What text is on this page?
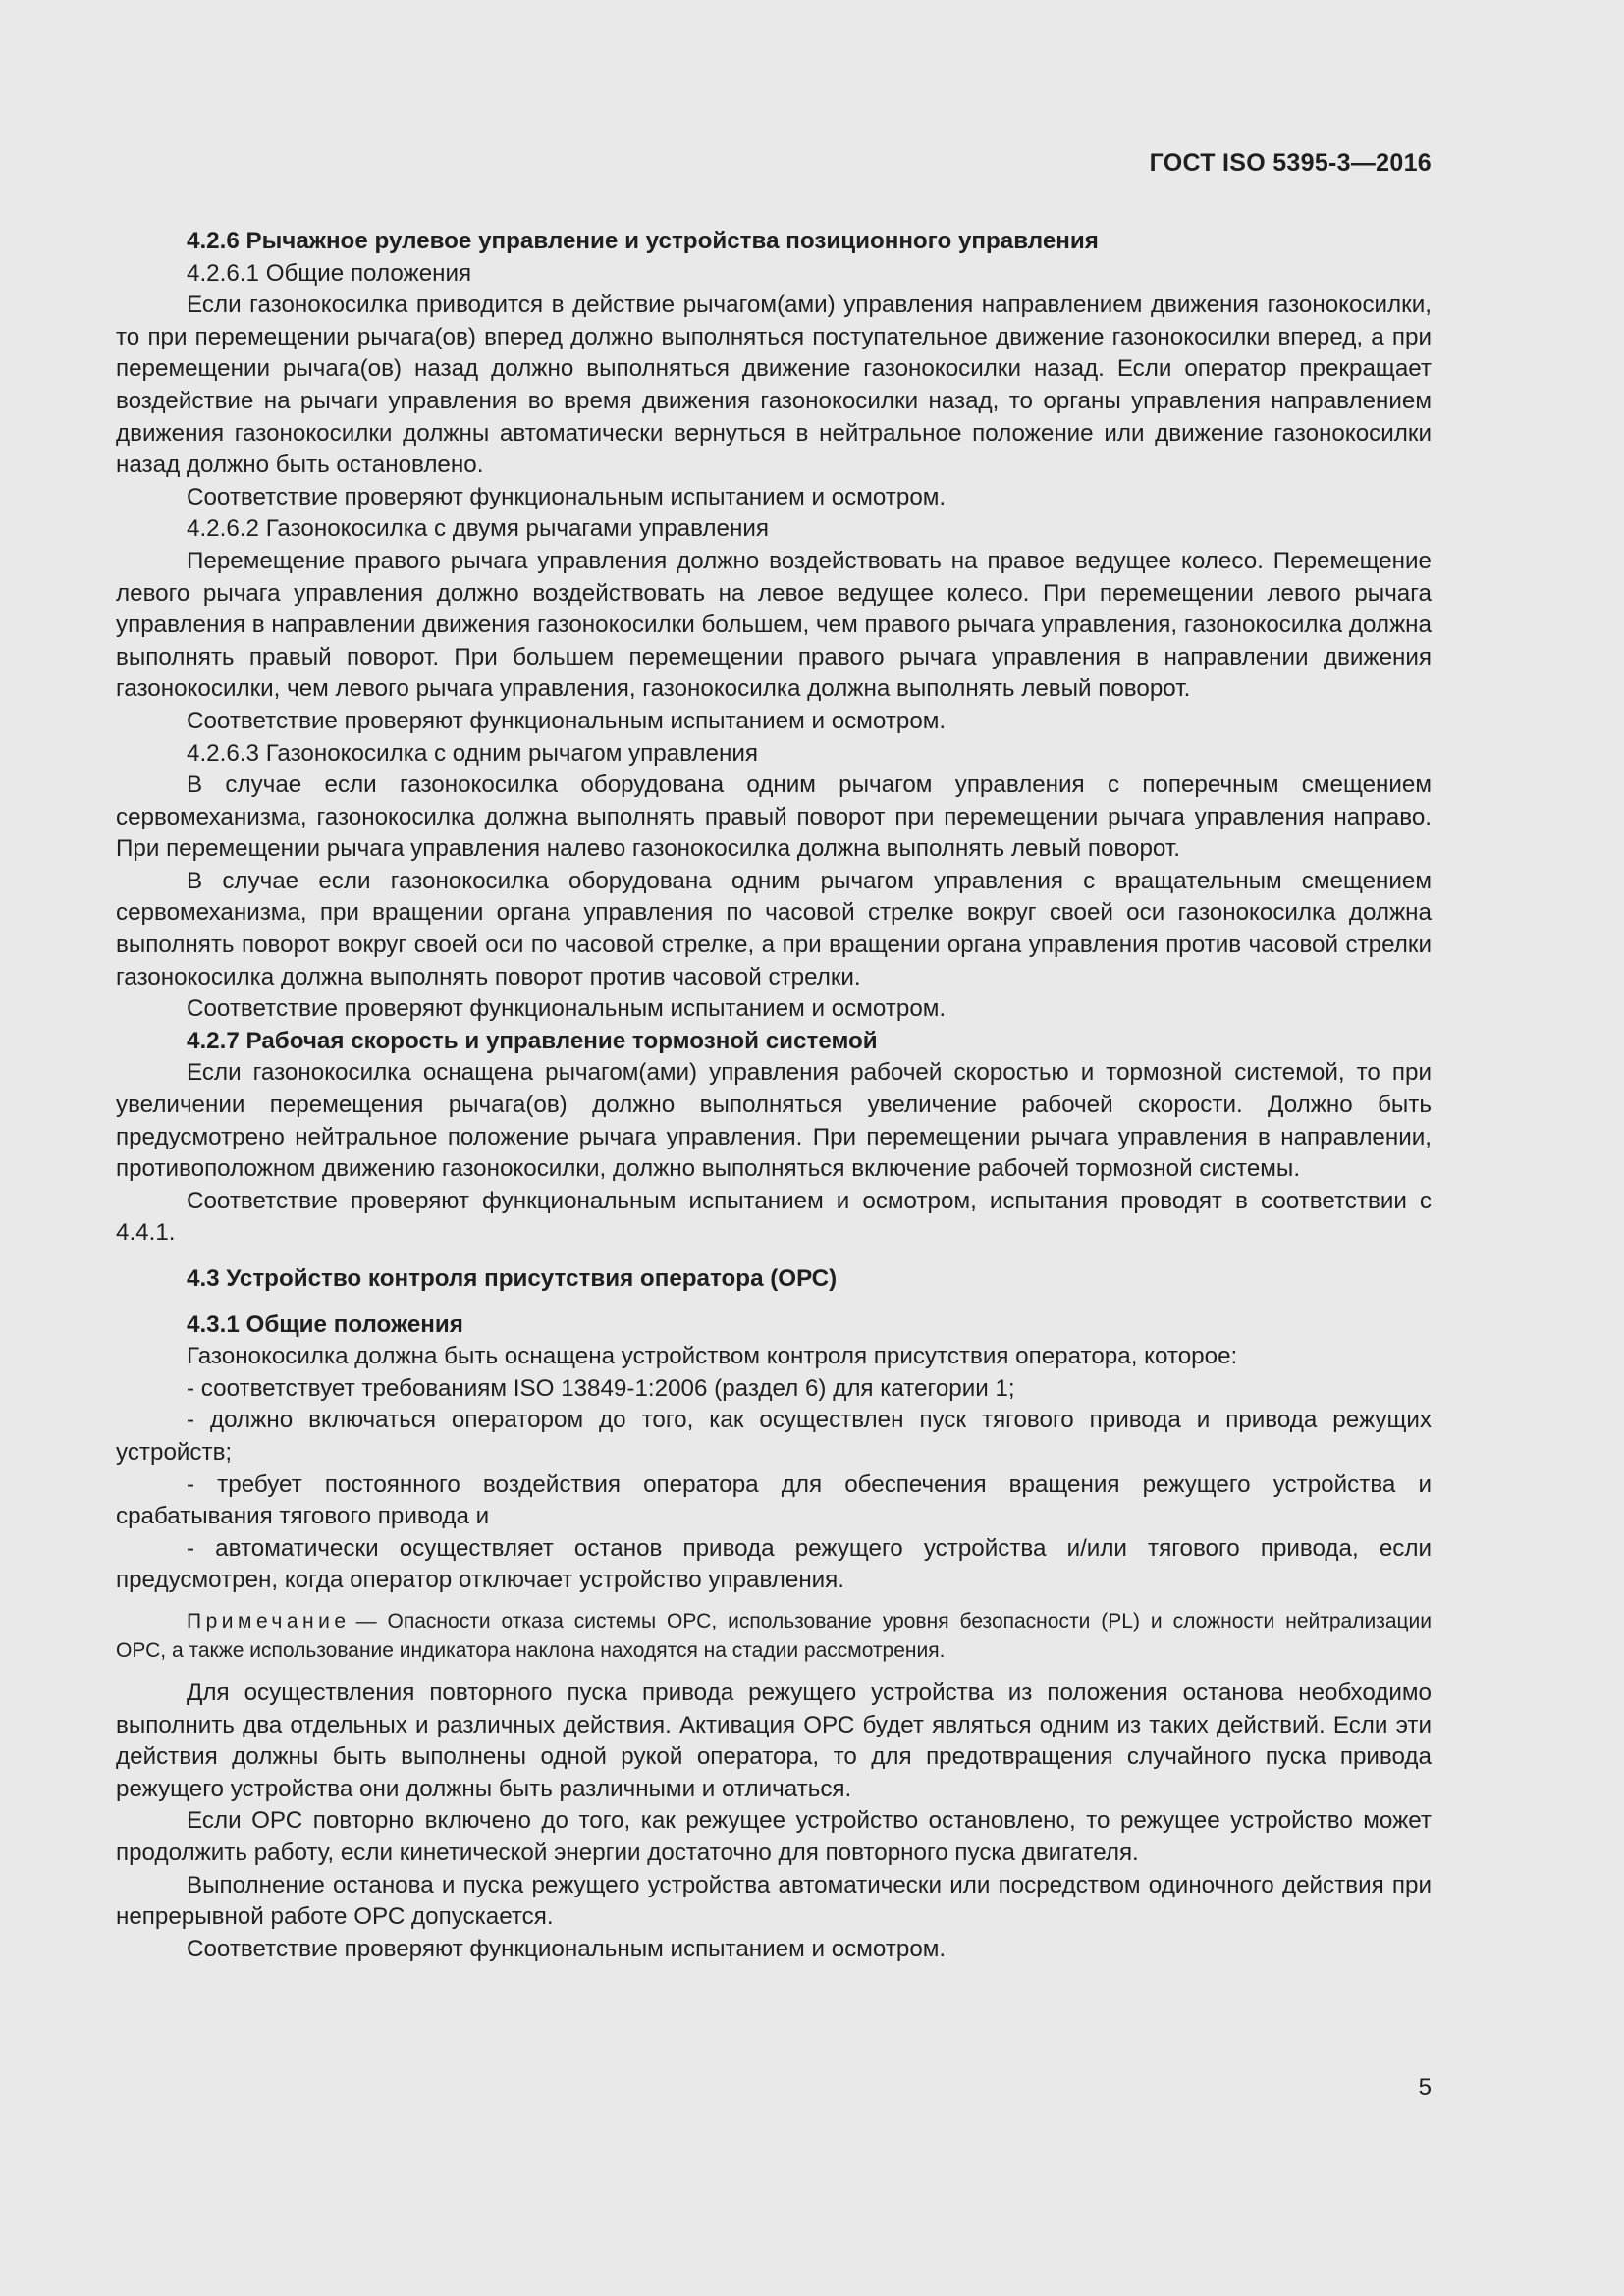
ГОСТ ISO 5395-3—2016

4.2.6 Рычажное рулевое управление и устройства позиционного управления

4.2.6.1 Общие положения

Если газонокосилка приводится в действие рычагом(ами) управления направлением движения газонокосилки, то при перемещении рычага(ов) вперед должно выполняться поступательное движение газонокосилки вперед, а при перемещении рычага(ов) назад должно выполняться движение газонокосилки назад. Если оператор прекращает воздействие на рычаги управления во время движения газонокосилки назад, то органы управления направлением движения газонокосилки должны автоматически вернуться в нейтральное положение или движение газонокосилки назад должно быть остановлено.

Соответствие проверяют функциональным испытанием и осмотром.

4.2.6.2 Газонокосилка с двумя рычагами управления

Перемещение правого рычага управления должно воздействовать на правое ведущее колесо. Перемещение левого рычага управления должно воздействовать на левое ведущее колесо. При перемещении левого рычага управления в направлении движения газонокосилки большем, чем правого рычага управления, газонокосилка должна выполнять правый поворот. При большем перемещении правого рычага управления в направлении движения газонокосилки, чем левого рычага управления, газонокосилка должна выполнять левый поворот.

Соответствие проверяют функциональным испытанием и осмотром.

4.2.6.3 Газонокосилка с одним рычагом управления

В случае если газонокосилка оборудована одним рычагом управления с поперечным смещением сервомеханизма, газонокосилка должна выполнять правый поворот при перемещении рычага управления направо. При перемещении рычага управления налево газонокосилка должна выполнять левый поворот.

В случае если газонокосилка оборудована одним рычагом управления с вращательным смещением сервомеханизма, при вращении органа управления по часовой стрелке вокруг своей оси газонокосилка должна выполнять поворот вокруг своей оси по часовой стрелке, а при вращении органа управления против часовой стрелки газонокосилка должна выполнять поворот против часовой стрелки.

Соответствие проверяют функциональным испытанием и осмотром.

4.2.7 Рабочая скорость и управление тормозной системой

Если газонокосилка оснащена рычагом(ами) управления рабочей скоростью и тормозной системой, то при увеличении перемещения рычага(ов) должно выполняться увеличение рабочей скорости. Должно быть предусмотрено нейтральное положение рычага управления. При перемещении рычага управления в направлении, противоположном движению газонокосилки, должно выполняться включение рабочей тормозной системы.

Соответствие проверяют функциональным испытанием и осмотром, испытания проводят в соответствии с 4.4.1.

4.3 Устройство контроля присутствия оператора (ОРС)

4.3.1 Общие положения

Газонокосилка должна быть оснащена устройством контроля присутствия оператора, которое:

- соответствует требованиям ISO 13849-1:2006 (раздел 6) для категории 1;

- должно включаться оператором до того, как осуществлен пуск тягового привода и привода режущих устройств;

- требует постоянного воздействия оператора для обеспечения вращения режущего устройства и срабатывания тягового привода и

- автоматически осуществляет останов привода режущего устройства и/или тягового привода, если предусмотрен, когда оператор отключает устройство управления.

Примечание — Опасности отказа системы ОРС, использование уровня безопасности (PL) и сложности нейтрализации ОРС, а также использование индикатора наклона находятся на стадии рассмотрения.

Для осуществления повторного пуска привода режущего устройства из положения останова необходимо выполнить два отдельных и различных действия. Активация ОРС будет являться одним из таких действий. Если эти действия должны быть выполнены одной рукой оператора, то для предотвращения случайного пуска привода режущего устройства они должны быть различными и отличаться.

Если ОРС повторно включено до того, как режущее устройство остановлено, то режущее устройство может продолжить работу, если кинетической энергии достаточно для повторного пуска двигателя.

Выполнение останова и пуска режущего устройства автоматически или посредством одиночного действия при непрерывной работе ОРС допускается.

Соответствие проверяют функциональным испытанием и осмотром.

5
